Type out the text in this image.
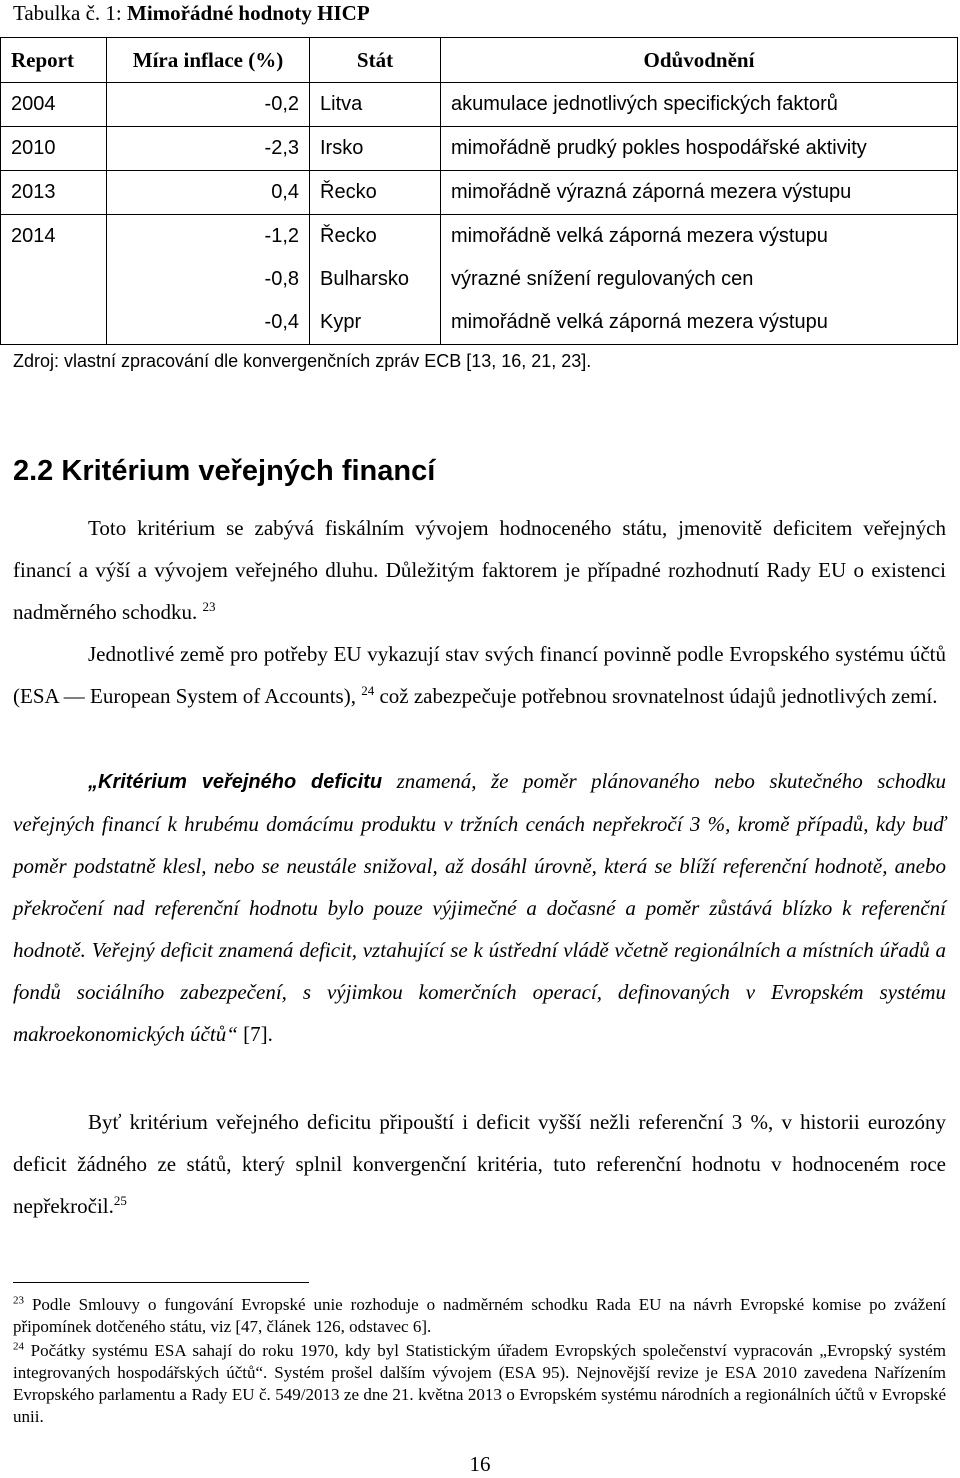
Tabulka č. 1: Mimořádné hodnoty HICP
Report	Míra inflace (%)	Stát	Odůvodnění
2004	-0,2	Litva	akumulace jednotlivých specifických faktorů
2010	-2,3	Irsko	mimořádně prudký pokles hospodářské aktivity
2013	0,4	Řecko	mimořádně výrazná záporná mezera výstupu
2014	-1,2	Řecko	mimořádně velká záporná mezera výstupu
	-0,8	Bulharsko	výrazné snížení regulovaných cen
	-0,4	Kypr	mimořádně velká záporná mezera výstupu
Zdroj: vlastní zpracování dle konvergenčních zpráv ECB [13, 16, 21, 23].
2.2 Kritérium veřejných financí

Toto kritérium se zabývá fiskálním vývojem hodnoceného státu, jmenovitě deficitem veřejných financí a výší a vývojem veřejného dluhu. Důležitým faktorem je případné rozhodnutí Rady EU o existenci nadměrného schodku. $^{23}$

Jednotlivé země pro potřeby EU vykazují stav svých financí povinně podle Evropského systému účtů (ESA — European System of Accounts), $^{24}$ což zabezpečuje potřebnou srovnatelnost údajů jednotlivých zemí.

„Kritérium veřejného deficitu znamená, že poměr plánovaného nebo skutečného schodku veřejných financí k hrubému domácímu produktu v tržních cenách nepřekročí 3 %, kromě případů, kdy buď poměr podstatně klesl, nebo se neustále snižoval, až dosáhl úrovně, která se blíží referenční hodnotě, anebo překročení nad referenční hodnotu bylo pouze výjimečné a dočasné a poměr zůstává blízko k referenční hodnotě. Veřejný deficit znamená deficit, vztahující se k ústřední vládě včetně regionálních a místních úřadů a fondů sociálního zabezpečení, s výjimkou komerčních operací, definovaných v Evropském systému makroekonomických účtů“ [7].

Byť kritérium veřejného deficitu připouští i deficit vyšší nežli referenční 3 %, v historii eurozóny deficit žádného ze států, který splnil konvergenční kritéria, tuto referenční hodnotu v hodnoceném roce nepřekročil.$^{25}$

$^{23}$ Podle Smlouvy o fungování Evropské unie rozhoduje o nadměrném schodku Rada EU na návrh Evropské komise po zvážení připomínek dotčeného státu, viz [47, článek 126, odstavec 6].

$^{24}$ Počátky systému ESA sahají do roku 1970, kdy byl Statistickým úřadem Evropských společenství vypracován „Evropský systém integrovaných hospodářských účtů“. Systém prošel dalším vývojem (ESA 95). Nejnovější revize je ESA 2010 zavedena Nařízením Evropského parlamentu a Rady EU č. 549/2013 ze dne 21. května 2013 o Evropském systému národních a regionálních účtů v Evropské unii.

16
